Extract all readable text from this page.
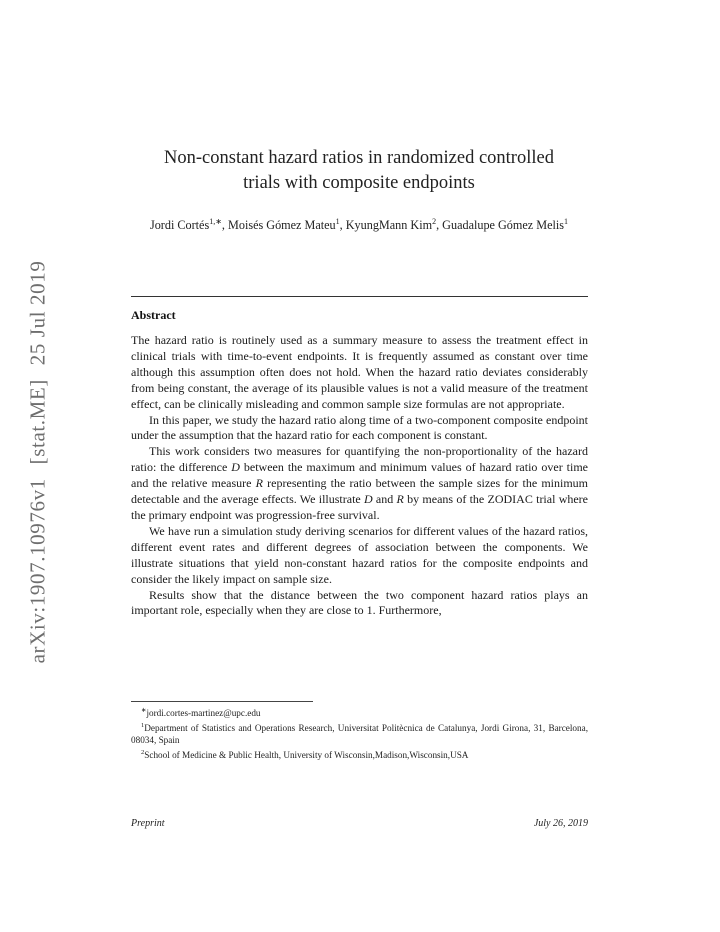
arXiv:1907.10976v1 [stat.ME] 25 Jul 2019
Non-constant hazard ratios in randomized controlled
trials with composite endpoints
Jordi Cortés$^{1,∗}$, Moisés Gómez Mateu$^1$, KyungMann Kim$^2$, Guadalupe Gómez Melis$^1$
Abstract

The hazard ratio is routinely used as a summary measure to assess the treatment effect in clinical trials with time-to-event endpoints. It is frequently assumed as constant over time although this assumption often does not hold. When the hazard ratio deviates considerably from being constant, the average of its plausible values is not a valid measure of the treatment effect, can be clinically misleading and common sample size formulas are not appropriate.

In this paper, we study the hazard ratio along time of a two-component composite endpoint under the assumption that the hazard ratio for each component is constant.

This work considers two measures for quantifying the non-proportionality of the hazard ratio: the difference D between the maximum and minimum values of hazard ratio over time and the relative measure R representing the ratio between the sample sizes for the minimum detectable and the average effects. We illustrate D and R by means of the ZODIAC trial where the primary endpoint was progression-free survival.

We have run a simulation study deriving scenarios for different values of the hazard ratios, different event rates and different degrees of association between the components. We illustrate situations that yield non-constant hazard ratios for the composite endpoints and consider the likely impact on sample size.

Results show that the distance between the two component hazard ratios plays an important role, especially when they are close to 1. Furthermore,

∗jordi.cortes-martinez@upc.edu

$^1$Department of Statistics and Operations Research, Universitat Politècnica de Catalunya, Jordi Girona, 31, Barcelona, 08034, Spain

$^2$School of Medicine & Public Health, University of Wisconsin,Madison,Wisconsin,USA

Preprint	July 26, 2019
